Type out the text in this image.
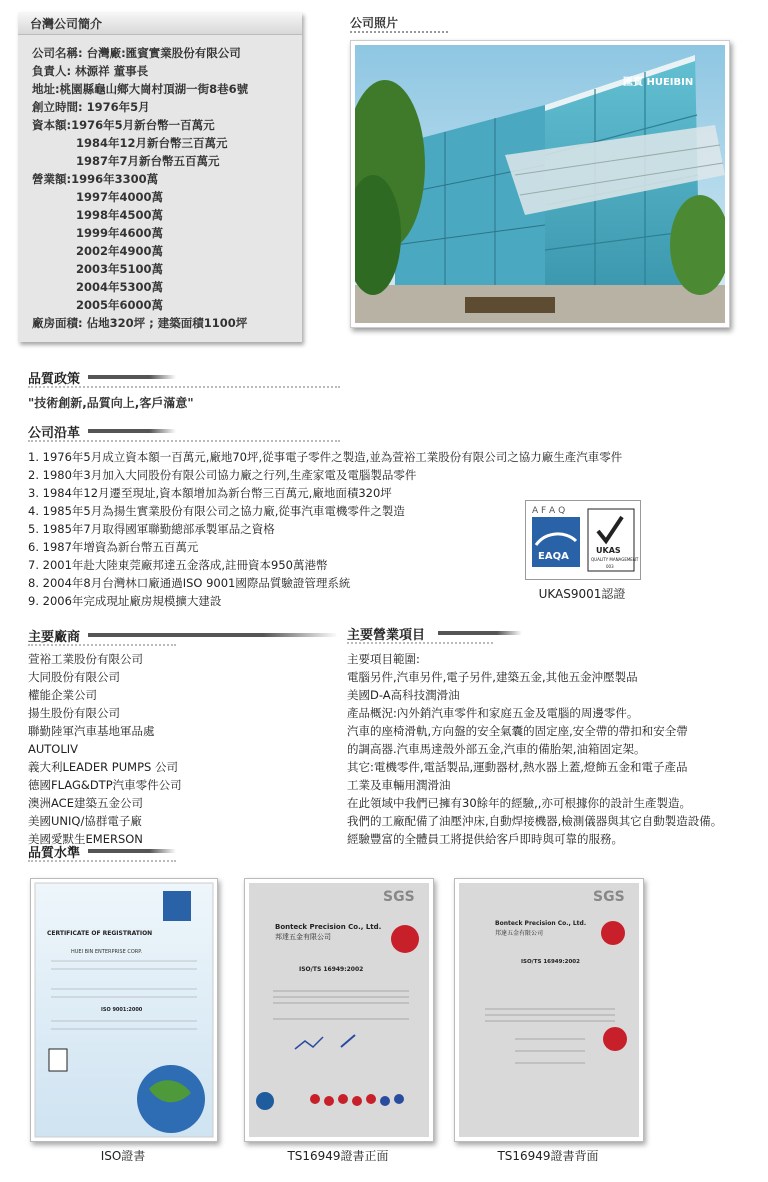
台灣公司簡介
公司名稱: 台灣廠:匯賓實業股份有限公司
負責人: 林源祥 董事長
地址:桃園縣龜山鄉大崗村頂湖一街8巷6號
創立時間: 1976年5月
資本額:1976年5月新台幣一百萬元
1984年12月新台幣三百萬元
1987年7月新台幣五百萬元
營業額:1996年3300萬
1997年4000萬
1998年4500萬
1999年4600萬
2002年4900萬
2003年5100萬
2004年5300萬
2005年6000萬
廠房面積: 佔地320坪 ; 建築面積1100坪
公司照片
匯賓 HUEIBIN
品質政策
"技術創新,品質向上,客戶滿意"
公司沿革
1. 1976年5月成立資本額一百萬元,廠地70坪,從事電子零件之製造,並為萱裕工業股份有限公司之協力廠生產汽車零件
2. 1980年3月加入大同股份有限公司協力廠之行列,生產家電及電腦製品零件
3. 1984年12月遷至現址,資本額增加為新台幣三百萬元,廠地面積320坪
4. 1985年5月為揚生實業股份有限公司之協力廠,從事汽車電機零件之製造
5. 1985年7月取得國軍聯勤總部承製軍品之資格
6. 1987年增資為新台幣五百萬元
7. 2001年赴大陸東莞廠邦達五金落成,註冊資本950萬港幣
8. 2004年8月台灣林口廠通過ISO 9001國際品質驗證管理系統
9. 2006年完成現址廠房規模擴大建設
A F A Q
EAQA
UKAS
QUALITY MANAGEMENT
003
UKAS9001認證
主要廠商
萱裕工業股份有限公司
大同股份有限公司
權能企業公司
揚生股份有限公司
聯勤陸軍汽車基地軍品處
AUTOLIV
義大利LEADER PUMPS 公司
德國FLAG&DTP汽車零件公司
澳洲ACE建築五金公司
美國UNIQ/協群電子廠
美國愛默生EMERSON
主要營業項目
主要項目範圍:
電腦另件,汽車另件,電子另件,建築五金,其他五金沖壓製品
美國D-A高科技潤滑油
產品概況:內外銷汽車零件和家庭五金及電腦的周邊零件。
汽車的座椅滑軌,方向盤的安全氣囊的固定座,安全帶的帶扣和安全帶
的調高器.汽車馬達殼外部五金,汽車的備胎架,油箱固定架。
其它:電機零件,電話製品,運動器材,熱水器上蓋,燈飾五金和電子產品
工業及車輛用潤滑油
在此領域中我們已擁有30餘年的經驗,,亦可根據你的設計生產製造。
我們的工廠配備了油壓沖床,自動焊接機器,檢測儀器與其它自動製造設備。
經驗豐富的全體員工將提供給客戶即時與可靠的服務。
品質水準
CERTIFICATE OF REGISTRATION
HUEI BIN ENTERPRISE CORP.
ISO 9001:2000
ISO證書
SGS
Bonteck Precision Co., Ltd.
邦達五金有限公司
ISO/TS 16949:2002
TS16949證書正面
SGS
Bonteck Precision Co., Ltd.
邦達五金有限公司
ISO/TS 16949:2002
TS16949證書背面
